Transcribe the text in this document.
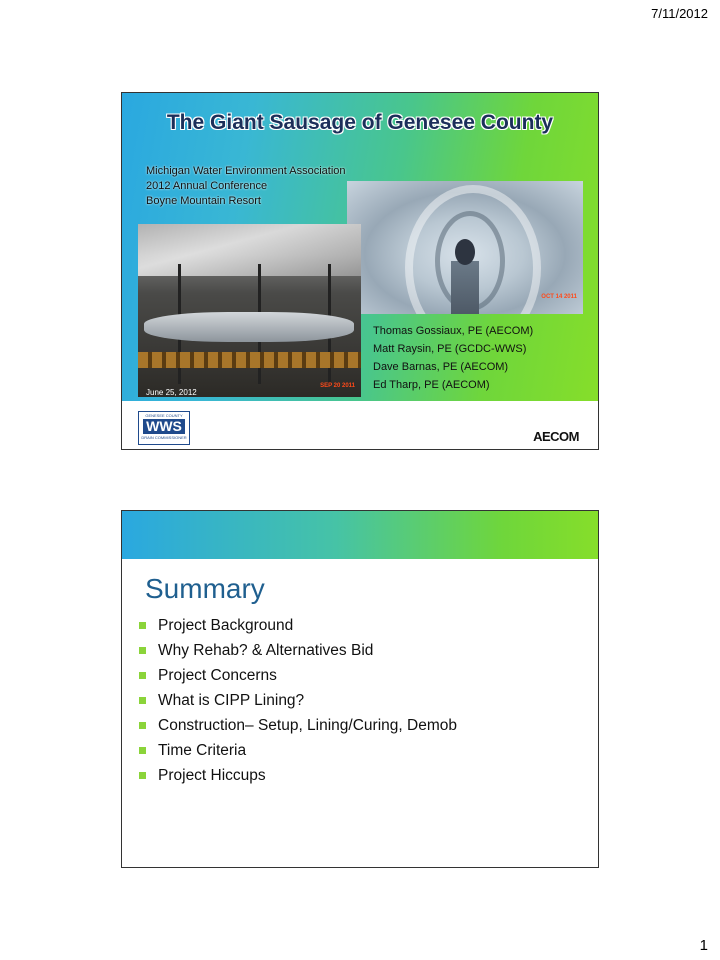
7/11/2012
The Giant Sausage of Genesee County
Michigan Water Environment Association
2012 Annual Conference
Boyne Mountain Resort
OCT 14 2011
SEP 20 2011
Thomas Gossiaux, PE (AECOM)
Matt Raysin, PE (GCDC-WWS)
Dave Barnas, PE (AECOM)
Ed Tharp, PE (AECOM)
June 25, 2012
GENESEE COUNTY
WWS
DRAIN COMMISSIONER	AECOM
Summary
Project Background
Why Rehab? & Alternatives Bid
Project Concerns
What is CIPP Lining?
Construction– Setup, Lining/Curing, Demob
Time Criteria
Project Hiccups
1
